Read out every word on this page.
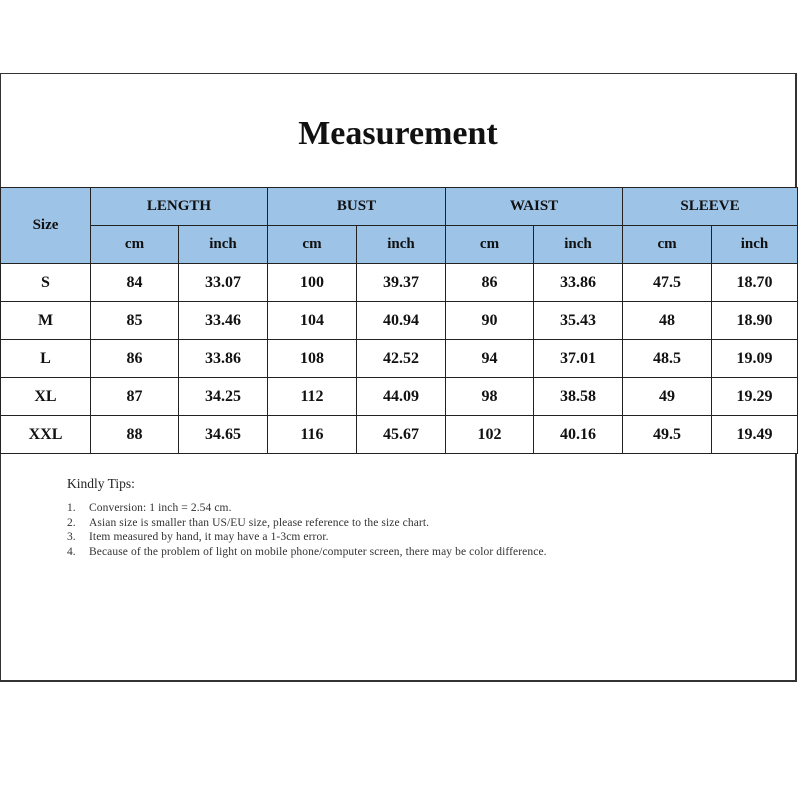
Measurement
Size	LENGTH		BUST		WAIST		SLEEVE	
	cm	inch	cm	inch	cm	inch	cm	inch
S	84	33.07	100	39.37	86	33.86	47.5	18.70
M	85	33.46	104	40.94	90	35.43	48	18.90
L	86	33.86	108	42.52	94	37.01	48.5	19.09
XL	87	34.25	112	44.09	98	38.58	49	19.29
XXL	88	34.65	116	45.67	102	40.16	49.5	19.49
Kindly Tips:
1.	Conversion: 1 inch = 2.54 cm.
2.	Asian size is smaller than US/EU size, please reference to the size chart.
3.	Item measured by hand, it may have a 1-3cm error.
4.	Because of the problem of light on mobile phone/computer screen, there may be color difference.
